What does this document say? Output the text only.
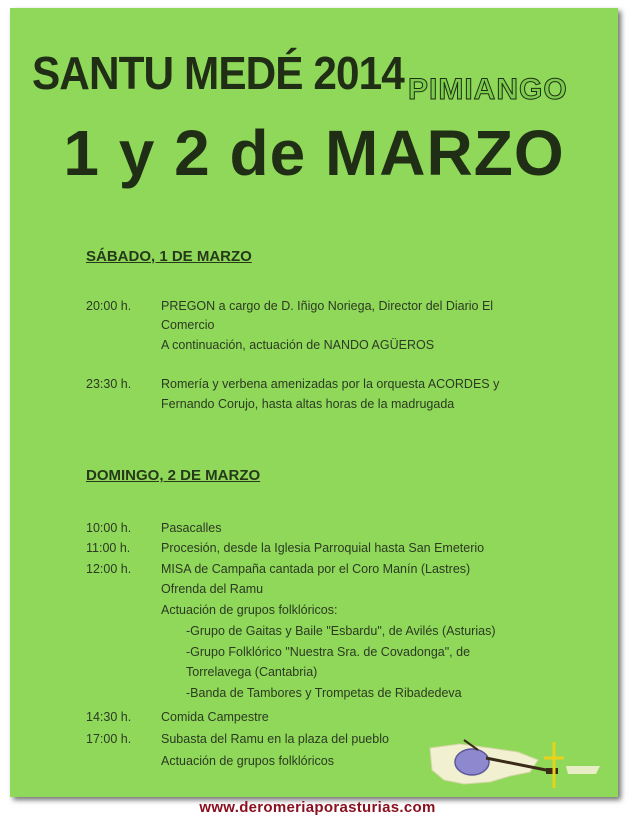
SANTU MEDÉ 2014 PIMIANGO
1 y 2 de MARZO
SÁBADO, 1 DE MARZO
20:00 h. PREGON a cargo de D. Iñigo Noriega, Director del Diario El
Comercio
A continuación, actuación de NANDO AGÜEROS
23:30 h. Romería y verbena amenizadas por la orquesta ACORDES y
Fernando Corujo, hasta altas horas de la madrugada
DOMINGO, 2 DE MARZO
10:00 h. Pasacalles
11:00 h. Procesión, desde la Iglesia Parroquial hasta San Emeterio
12:00 h. MISA de Campaña cantada por el Coro Manín (Lastres)
Ofrenda del Ramu
Actuación de grupos folklóricos:
-Grupo de Gaitas y Baile "Esbardu", de Avilés (Asturias)
-Grupo Folklórico "Nuestra Sra. de Covadonga", de
Torrelavega (Cantabria)
-Banda de Tambores y Trompetas de Ribadedeva
14:30 h. Comida Campestre
17:00 h. Subasta del Ramu en la plaza del pueblo
Actuación de grupos folklóricos
www.deromeriaporasturias.com
